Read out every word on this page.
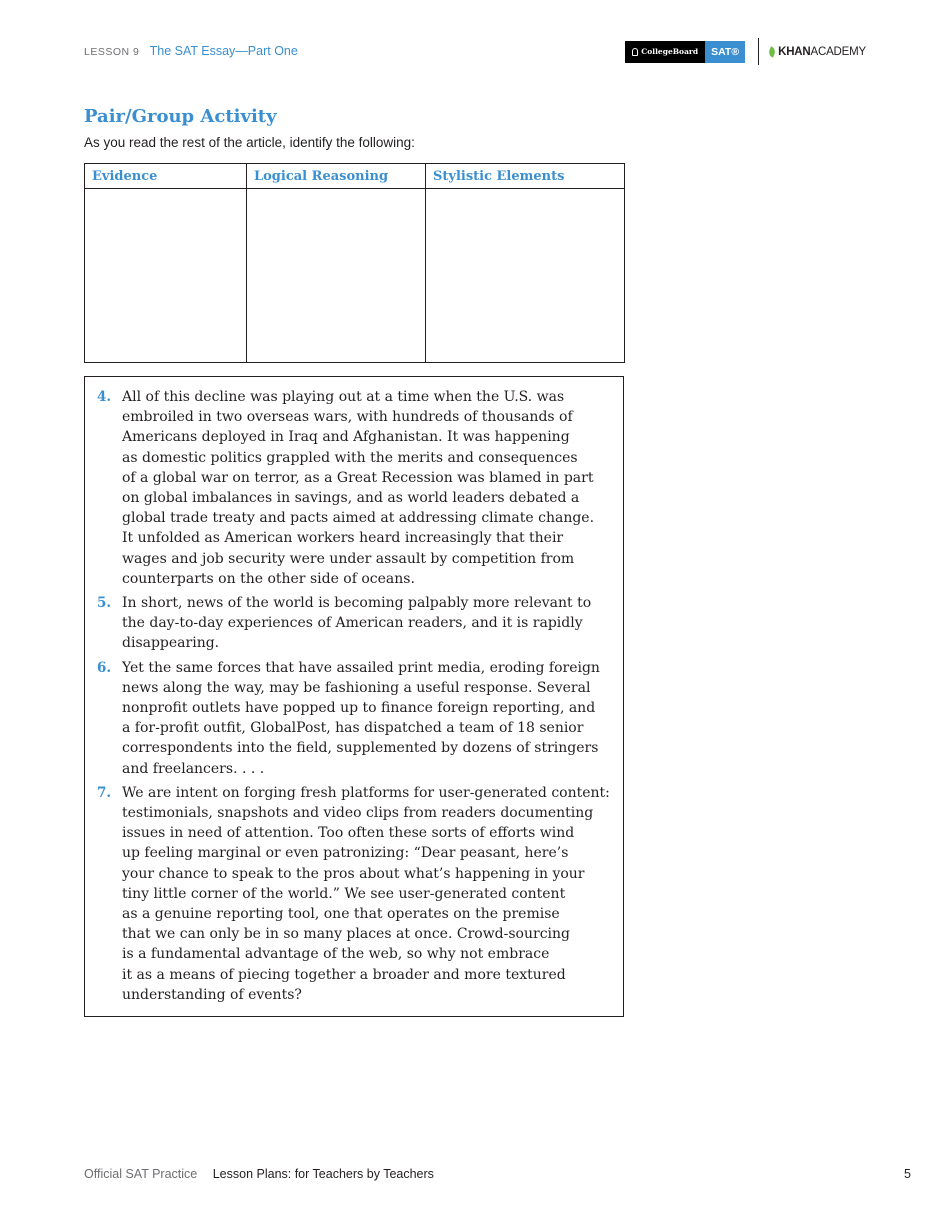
LESSON 9 The SAT Essay—Part One	CollegeBoard	SAT®	KHAN ACADEMY
Pair/Group Activity
As you read the rest of the article, identify the following:
Evidence	Logical Reasoning	Stylistic Elements

4. All of this decline was playing out at a time when the U.S. was
embroiled in two overseas wars, with hundreds of thousands of
Americans deployed in Iraq and Afghanistan. It was happening
as domestic politics grappled with the merits and consequences
of a global war on terror, as a Great Recession was blamed in part
on global imbalances in savings, and as world leaders debated a
global trade treaty and pacts aimed at addressing climate change.
It unfolded as American workers heard increasingly that their
wages and job security were under assault by competition from
counterparts on the other side of oceans.
5. In short, news of the world is becoming palpably more relevant to
the day-to-day experiences of American readers, and it is rapidly
disappearing.
6. Yet the same forces that have assailed print media, eroding foreign
news along the way, may be fashioning a useful response. Several
nonprofit outlets have popped up to finance foreign reporting, and
a for-profit outfit, GlobalPost, has dispatched a team of 18 senior
correspondents into the field, supplemented by dozens of stringers
and freelancers. . . .
7. We are intent on forging fresh platforms for user-generated content:
testimonials, snapshots and video clips from readers documenting
issues in need of attention. Too often these sorts of efforts wind
up feeling marginal or even patronizing: “Dear peasant, here’s
your chance to speak to the pros about what’s happening in your
tiny little corner of the world.” We see user-generated content
as a genuine reporting tool, one that operates on the premise
that we can only be in so many places at once. Crowd-sourcing
is a fundamental advantage of the web, so why not embrace
it as a means of piecing together a broader and more textured
understanding of events?
Official SAT Practice Lesson Plans: for Teachers by Teachers	5
